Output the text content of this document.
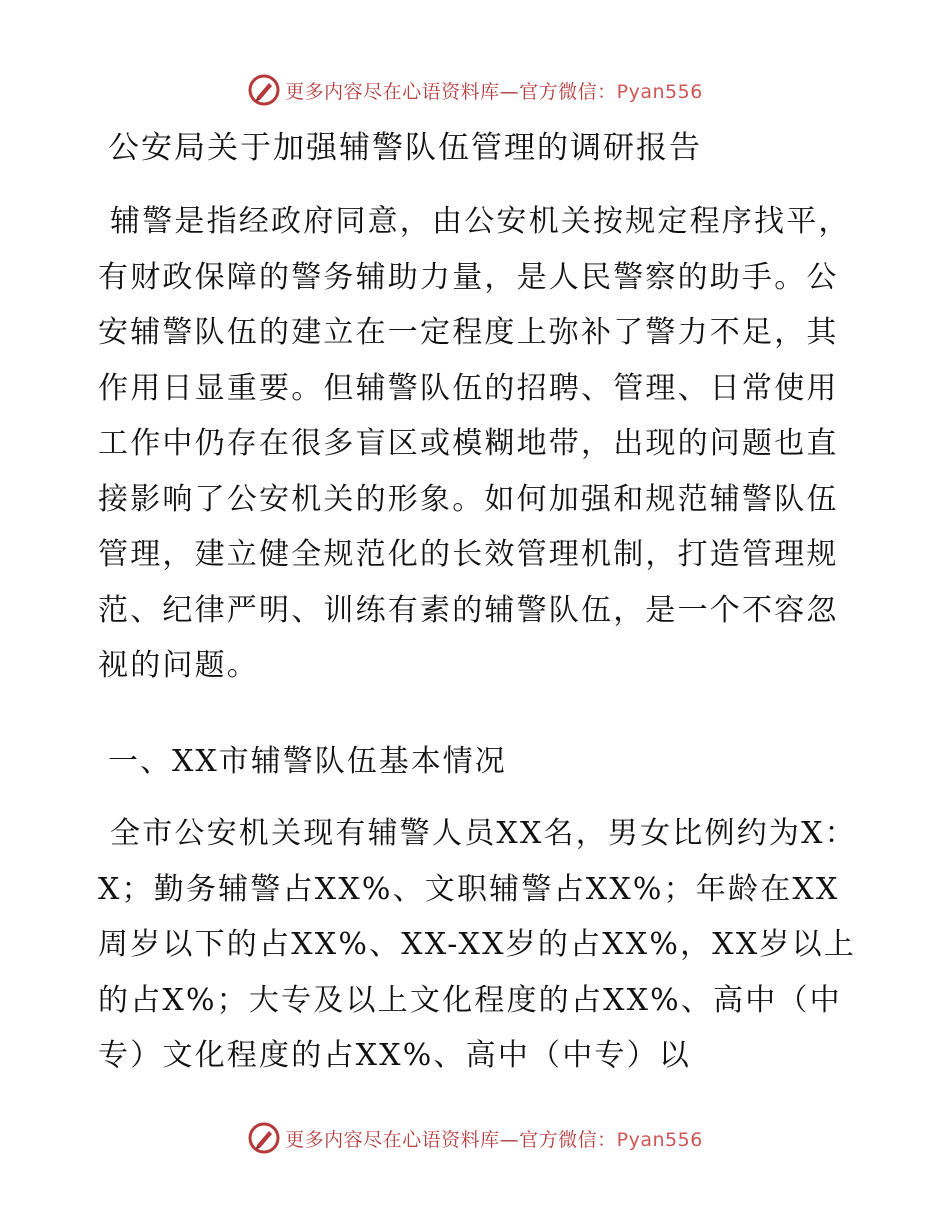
更多内容尽在心语资料库—官方微信：Pyan556
公安局关于加强辅警队伍管理的调研报告

辅警是指经政府同意，由公安机关按规定程序找平，有财政保障的警务辅助力量，是人民警察的助手。公安辅警队伍的建立在一定程度上弥补了警力不足，其作用日显重要。但辅警队伍的招聘、管理、日常使用工作中仍存在很多盲区或模糊地带，出现的问题也直接影响了公安机关的形象。如何加强和规范辅警队伍管理，建立健全规范化的长效管理机制，打造管理规范、纪律严明、训练有素的辅警队伍，是一个不容忽视的问题。

一、XX市辅警队伍基本情况

全市公安机关现有辅警人员XX名，男女比例约为X：X；勤务辅警占XX%、文职辅警占XX%；年龄在XX周岁以下的占XX%、XX-XX岁的占XX%，XX岁以上的占X%；大专及以上文化程度的占XX%、高中（中专）文化程度的占XX%、高中（中专）以

更多内容尽在心语资料库—官方微信：Pyan556
